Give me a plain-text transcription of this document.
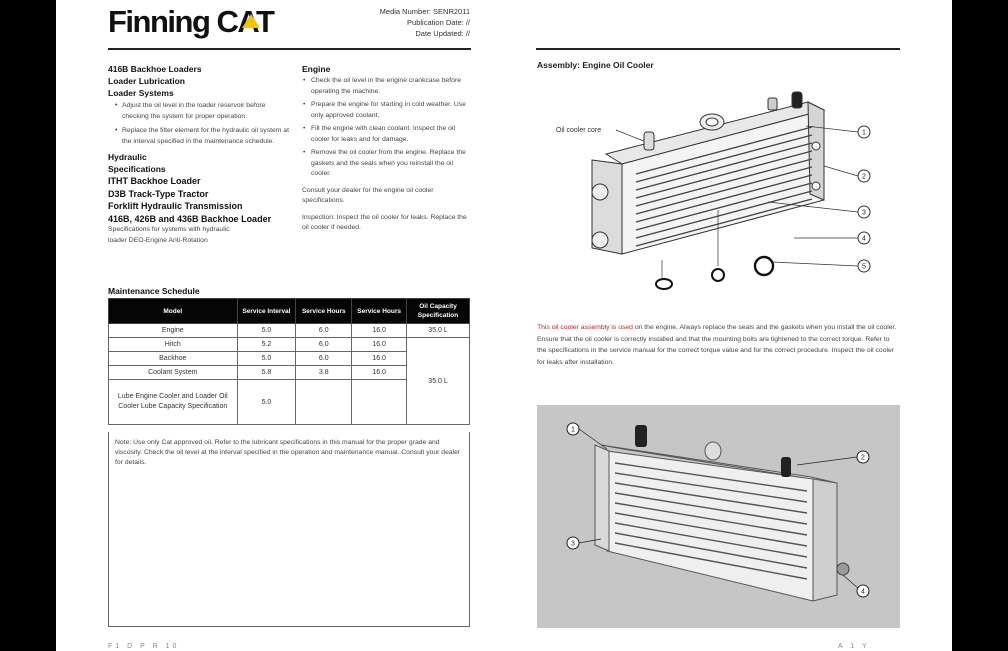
Finning CAT	Media Number: SENR2011
Publication Date: //
Date Updated: //
416B Backhoe Loaders
Loader Lubrication
Loader Systems
• Adjust the oil level in the loader reservoir before checking the system for proper operation.
• Replace the filter element for the hydraulic oil system at the interval specified in the maintenance schedule.
Hydraulic
Specifications
ITHT Backhoe Loader
D3B Track-Type Tractor
Forklift Hydraulic Transmission
416B, 426B and 436B Backhoe Loader
Specifications for systems with hydraulic
loader DEO-Engine Anti-Rotation
Engine
• Check the oil level in the engine crankcase before operating the machine.
• Prepare the engine for starting in cold weather. Use only approved coolant.
• Fill the engine with clean coolant. Inspect the oil cooler for leaks and for damage.
• Remove the oil cooler from the engine. Replace the gaskets and the seals when you reinstall the oil cooler.
Consult your dealer for the engine oil cooler specifications.
Inspection: Inspect the oil cooler for leaks. Replace the oil cooler if needed.
Maintenance Schedule
Model	Service Interval	Service Hours	Service Hours	Oil Capacity Specification
Engine	5.0	6.0	16.0	35.0 L
Hitch	5.2	6.0	16.0	35.0 L
Backhoe	5.0	6.0	16.0	
Coolant System	5.8	3.8	16.0	
Lube Engine Cooler and Loader Oil Cooler Lube Capacity Specification	5.0			
Note: Use only Cat approved oil. Refer to the lubricant specifications in this manual for the proper grade and viscosity. Check the oil level at the interval specified in the operation and maintenance manual. Consult your dealer for details.
Assembly: Engine Oil Cooler
Oil cooler core	1
2
3
4
5
This oil cooler assembly is used on the engine. Always replace the seals and the gaskets when you install the oil cooler. Ensure that the oil cooler is correctly installed and that the mounting bolts are tightened to the correct torque. Refer to the specifications in the service manual for the correct torque value and for the correct procedure. Inspect the oil cooler for leaks after installation.
1
2
3
4
F1 D P R 10	A 1 Y
